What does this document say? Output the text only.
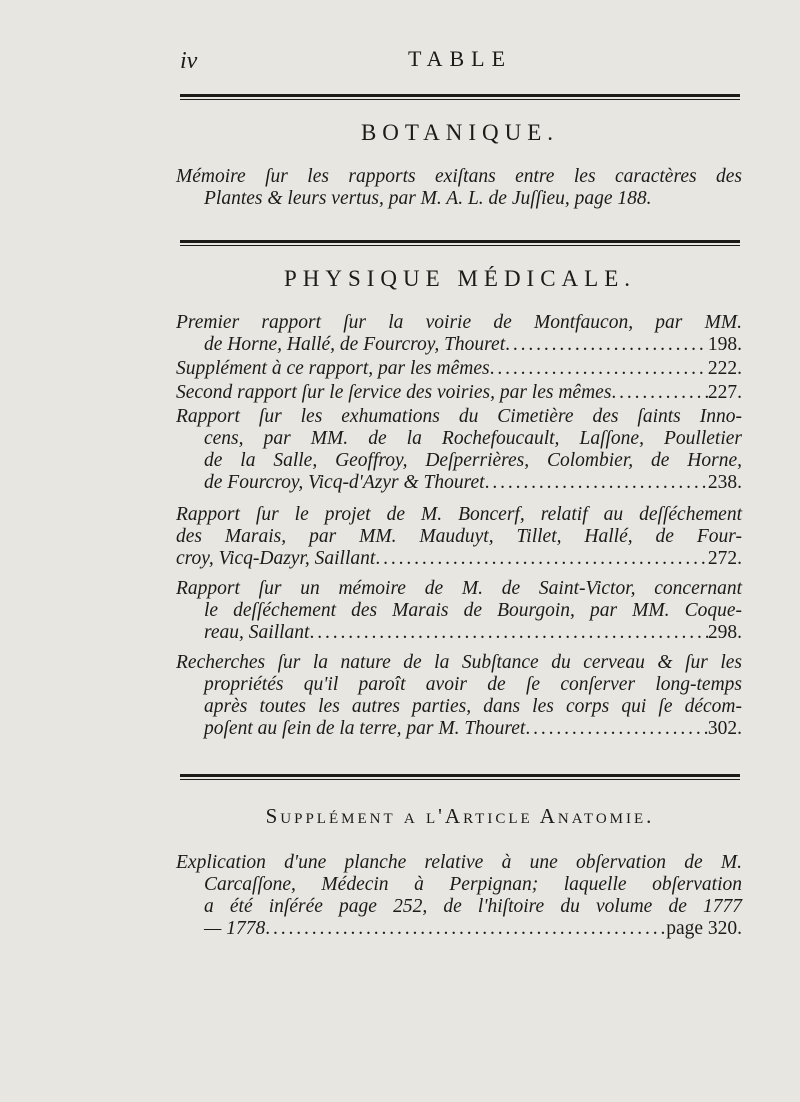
iv	TABLE
BOTANIQUE.
Mémoire ſur les rapports exiſtans entre les caractères des
Plantes & leurs vertus, par M. A. L. de Juſſieu, page 188.
PHYSIQUE MÉDICALE.
Premier rapport ſur la voirie de Montfaucon, par MM.
de Horne, Hallé, de Fourcroy, Thouret . . .	198.
Supplément à ce rapport, par les mêmes . . .	222.
Second rapport ſur le ſervice des voiries, par les mêmes . . .	227.
Rapport ſur les exhumations du Cimetière des ſaints Inno-
cens, par MM. de la Rochefoucault, Laſſone, Poulletier
de la Salle, Geoffroy, Deſperrières, Colombier, de Horne,
de Fourcroy, Vicq-d'Azyr & Thouret . . .	238.
Rapport ſur le projet de M. Boncerf, relatif au deſſéchement
des Marais, par MM. Mauduyt, Tillet, Hallé, de Four-
croy, Vicq-Dazyr, Saillant . . .	272.
Rapport ſur un mémoire de M. de Saint-Victor, concernant
le deſſéchement des Marais de Bourgoin, par MM. Coque-
reau, Saillant . . .	298.
Recherches ſur la nature de la Subſtance du cerveau & ſur les
propriétés qu'il paroît avoir de ſe conſerver long-temps
après toutes les autres parties, dans les corps qui ſe décom-
poſent au ſein de la terre, par M. Thouret . . .	302.
Supplément a l'Article Anatomie.
Explication d'une planche relative à une obſervation de M.
Carcaſſone, Médecin à Perpignan; laquelle obſervation
a été inſérée page 252, de l'hiſtoire du volume de 1777
— 1778 . . .	page 320.
